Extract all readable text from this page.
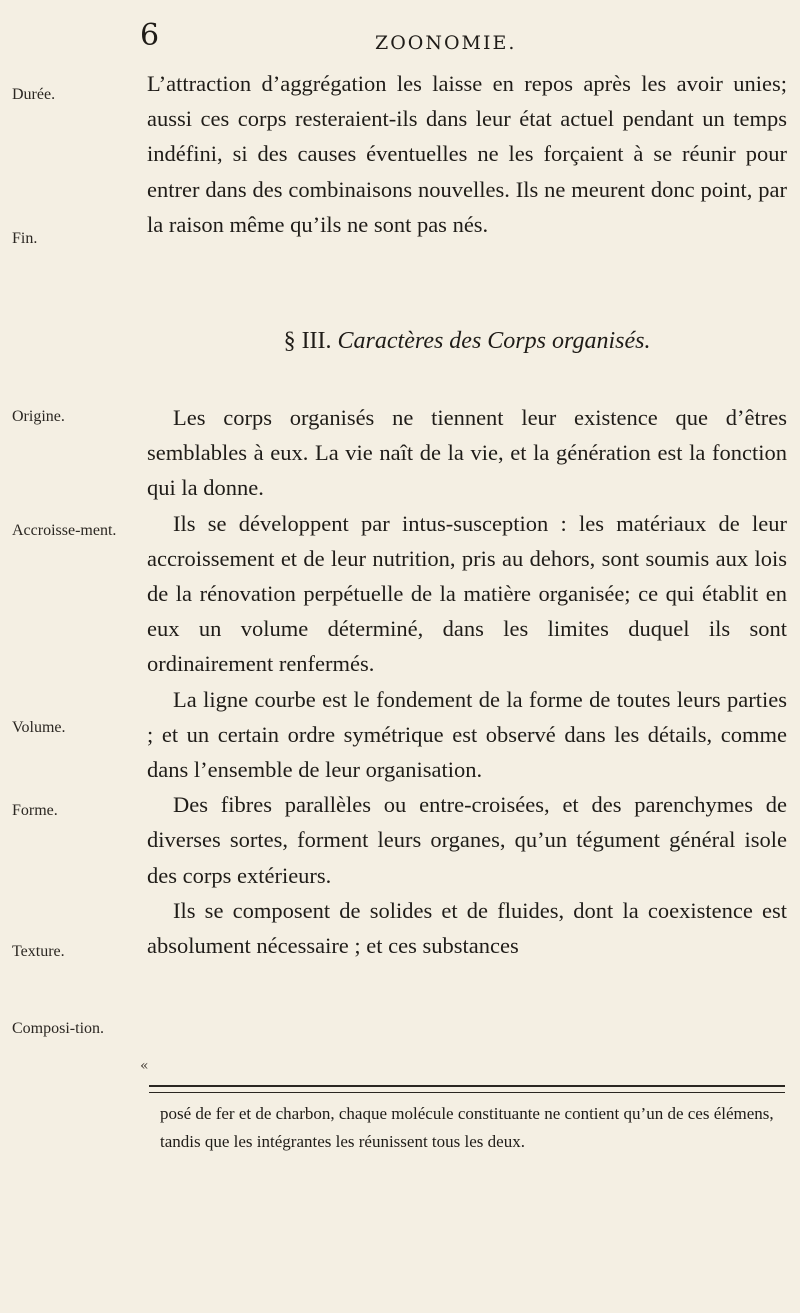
6	ZOONOMIE.
Durée.
Fin.
Origine.
Accroisse-ment.
Volume.
Forme.
Texture.
Composi-tion.

L’attraction d’aggrégation les laisse en repos après les avoir unies; aussi ces corps resteraient-ils dans leur état actuel pendant un temps indéfini, si des causes éventuelles ne les forçaient à se réunir pour entrer dans des combinaisons nouvelles. Ils ne meurent donc point, par la raison même qu’ils ne sont pas nés.

§ III. Caractères des Corps organisés.

Les corps organisés ne tiennent leur existence que d’êtres semblables à eux. La vie naît de la vie, et la génération est la fonction qui la donne.

Ils se développent par intus-susception : les matériaux de leur accroissement et de leur nutrition, pris au dehors, sont soumis aux lois de la rénovation perpétuelle de la matière organisée; ce qui établit en eux un volume déterminé, dans les limites duquel ils sont ordinairement renfermés.

La ligne courbe est le fondement de la forme de toutes leurs parties ; et un certain ordre symétrique est observé dans les détails, comme dans l’ensemble de leur organisation.

Des fibres parallèles ou entre-croisées, et des parenchymes de diverses sortes, forment leurs organes, qu’un tégument général isole des corps extérieurs.

Ils se composent de solides et de fluides, dont la coexistence est absolument nécessaire ; et ces substances

«
posé de fer et de charbon, chaque molécule constituante ne contient qu’un de ces élémens, tandis que les intégrantes les réunissent tous les deux.
